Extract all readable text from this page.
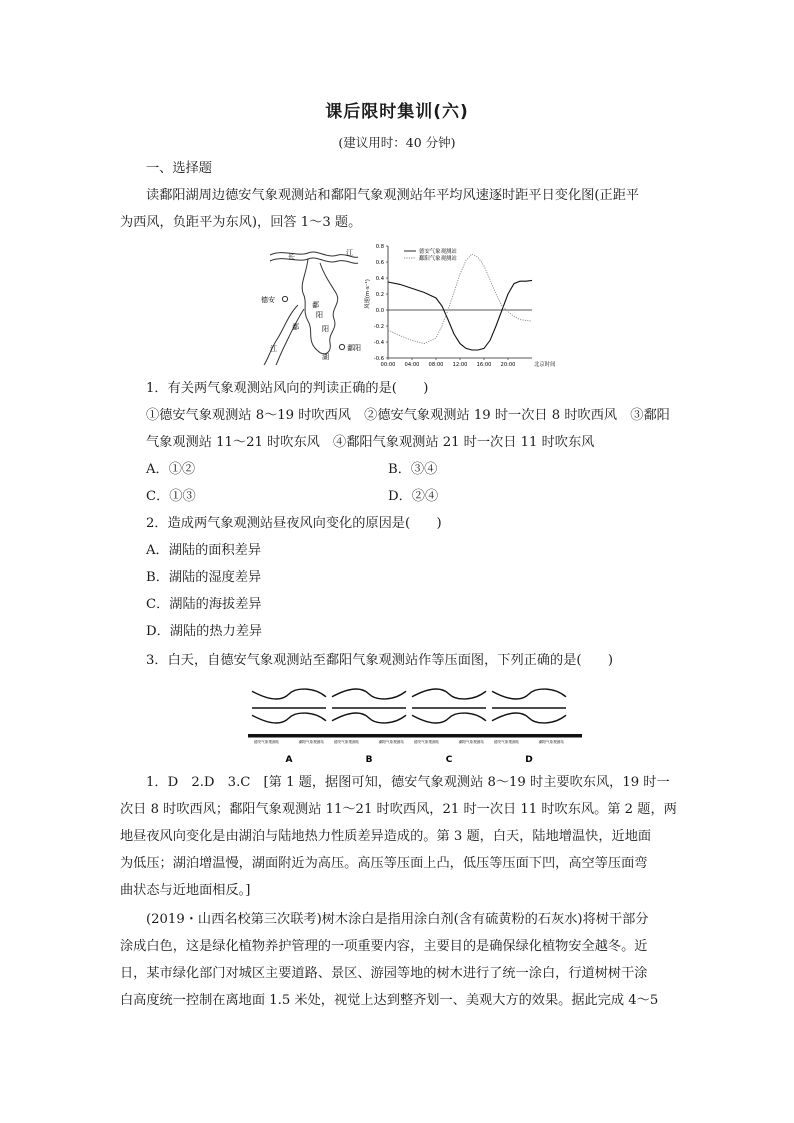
课后限时集训(六)
(建议用时：40 分钟)
一、选择题
读鄱阳湖周边德安气象观测站和鄱阳气象观测站年平均风速逐时距平日变化图(正距平
为西风，负距平为东风)，回答 1～3 题。
长	江
德安
鄱
阳
鄱	阳
江
湖
鄱阳
0.8
0.6
0.4
0.2
0.0
-0.2
-0.4
-0.6
00:00 04:00 08:00 12:00 16:00 20:00	北京时间
风速(m·s⁻¹)
德安气象观测站
鄱阳气象观测站
1．有关两气象观测站风向的判读正确的是(　　)
①德安气象观测站 8～19 时吹西风　②德安气象观测站 19 时一次日 8 时吹西风　③鄱阳
气象观测站 11～21 时吹东风　④鄱阳气象观测站 21 时一次日 11 时吹东风
A．①②	B．③④
C．①③	D．②④
2．造成两气象观测站昼夜风向变化的原因是(　　)
A．湖陆的面积差异
B．湖陆的湿度差异
C．湖陆的海拔差异
D．湖陆的热力差异
3．白天，自德安气象观测站至鄱阳气象观测站作等压面图，下列正确的是(　　)
德安气象观测站	鄱阳气象观测站
A
德安气象观测站	鄱阳气象观测站
B
德安气象观测站	鄱阳气象观测站
C
德安气象观测站	鄱阳气象观测站
D
1．D　2.D　3.C　[第 1 题，据图可知，德安气象观测站 8～19 时主要吹东风，19 时一
次日 8 时吹西风；鄱阳气象观测站 11～21 时吹西风，21 时一次日 11 时吹东风。第 2 题，两
地昼夜风向变化是由湖泊与陆地热力性质差异造成的。第 3 题，白天，陆地增温快，近地面
为低压；湖泊增温慢，湖面附近为高压。高压等压面上凸，低压等压面下凹，高空等压面弯
曲状态与近地面相反。]
(2019・山西名校第三次联考)树木涂白是指用涂白剂(含有硫黄粉的石灰水)将树干部分
涂成白色，这是绿化植物养护管理的一项重要内容，主要目的是确保绿化植物安全越冬。近
日，某市绿化部门对城区主要道路、景区、游园等地的树木进行了统一涂白，行道树树干涂
白高度统一控制在离地面 1.5 米处，视觉上达到整齐划一、美观大方的效果。据此完成 4～5
